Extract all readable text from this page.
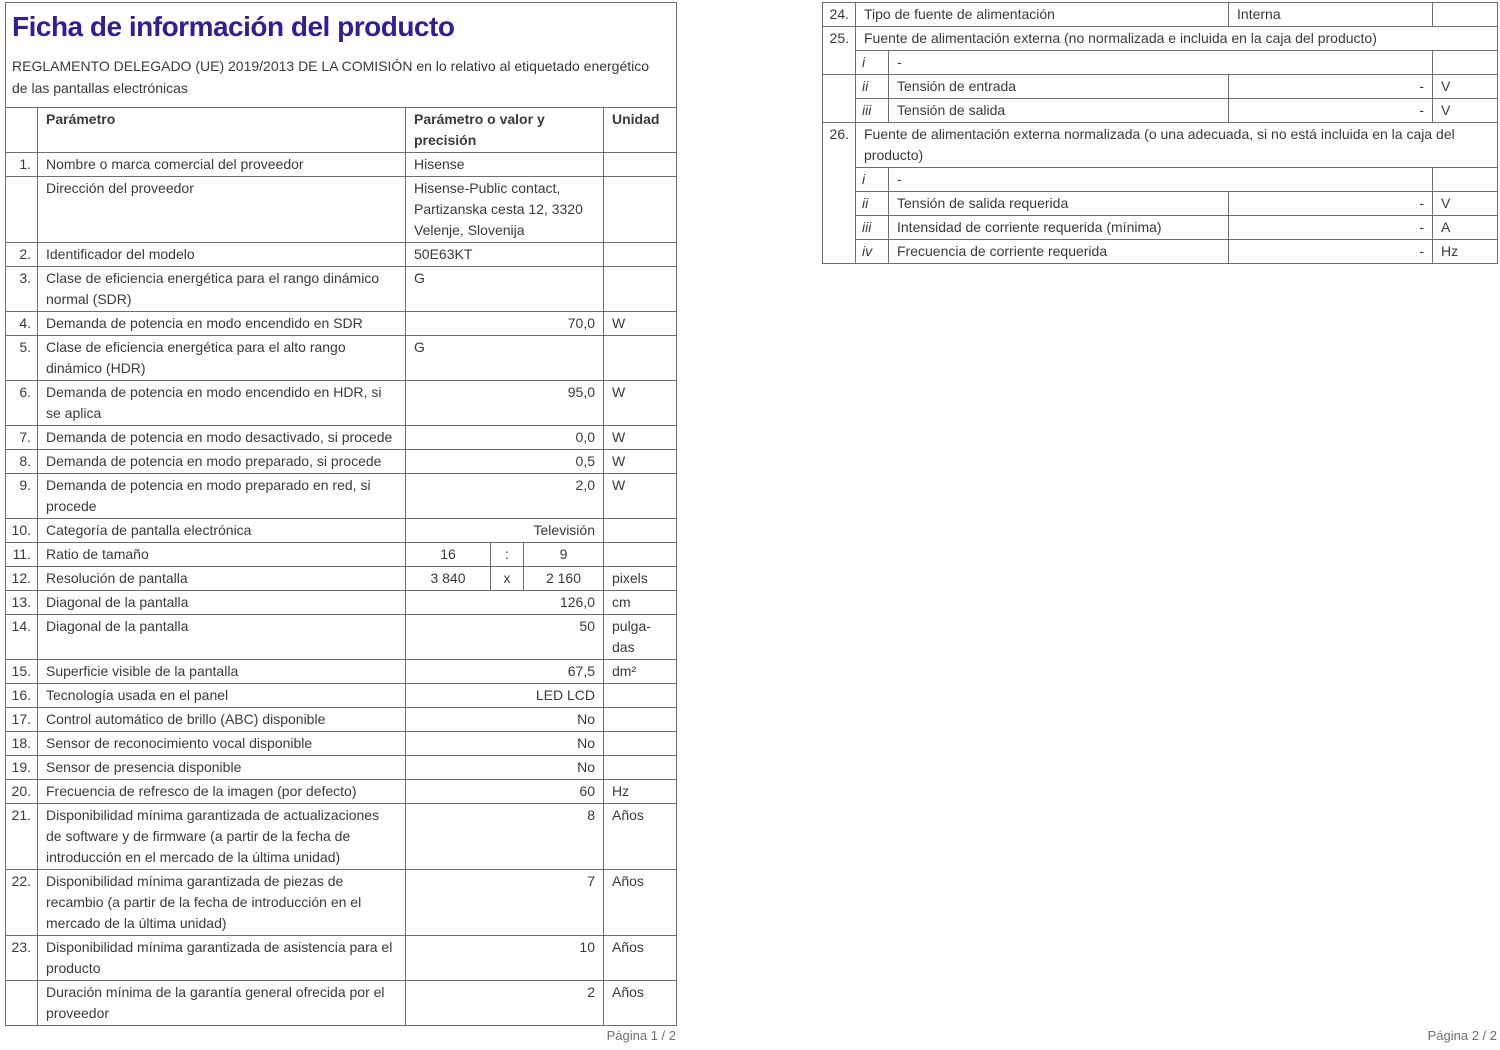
Ficha de información del producto

REGLAMENTO DELEGADO (UE) 2019/2013 DE LA COMISIÓN en lo relativo al etiquetado energético de las pantallas electrónicas

	Parámetro	Parámetro o valor y precisión			Unidad
1.	Nombre o marca comercial del proveedor	Hisense			
	Dirección del proveedor	Hisense-Public contact, Partizanska cesta 12, 3320 Velenje, Slovenija			
2.	Identificador del modelo	50E63KT			
3.	Clase de eficiencia energética para el rango dinámico normal (SDR)	G			
4.	Demanda de potencia en modo encendido en SDR	70,0			W
5.	Clase de eficiencia energética para el alto rango dinámico (HDR)	G			
6.	Demanda de potencia en modo encendido en HDR, si se aplica	95,0			W
7.	Demanda de potencia en modo desactivado, si procede	0,0			W
8.	Demanda de potencia en modo preparado, si procede	0,5			W
9.	Demanda de potencia en modo preparado en red, si procede	2,0			W
10.	Categoría de pantalla electrónica	Televisión			
11.	Ratio de tamaño	16	:	9	
12.	Resolución de pantalla	3 840	x	2 160	pixels
13.	Diagonal de la pantalla	126,0			cm
14.	Diagonal de la pantalla	50			pulgadas
15.	Superficie visible de la pantalla	67,5			dm²
16.	Tecnología usada en el panel	LED LCD			
17.	Control automático de brillo (ABC) disponible	No			
18.	Sensor de reconocimiento vocal disponible	No			
19.	Sensor de presencia disponible	No			
20.	Frecuencia de refresco de la imagen (por defecto)	60			Hz
21.	Disponibilidad mínima garantizada de actualizaciones de software y de firmware (a partir de la fecha de introducción en el mercado de la última unidad)	8			Años
22.	Disponibilidad mínima garantizada de piezas de recambio (a partir de la fecha de introducción en el mercado de la última unidad)	7			Años
23.	Disponibilidad mínima garantizada de asistencia para el producto	10			Años
	Duración mínima de la garantía general ofrecida por el proveedor	2			Años
24.	Tipo de fuente de alimentación		Interna	
25.	Fuente de alimentación externa (no normalizada e incluida en la caja del producto)			
	i	-		
	ii	Tensión de entrada	-	V
	iii	Tensión de salida	-	V
26.	Fuente de alimentación externa normalizada (o una adecuada, si no está incluida en la caja del producto)			
	i	-		
	ii	Tensión de salida requerida	-	V
	iii	Intensidad de corriente requerida (mínima)	-	A
	iv	Frecuencia de corriente requerida	-	Hz
Página 1 / 2	Página 2 / 2
